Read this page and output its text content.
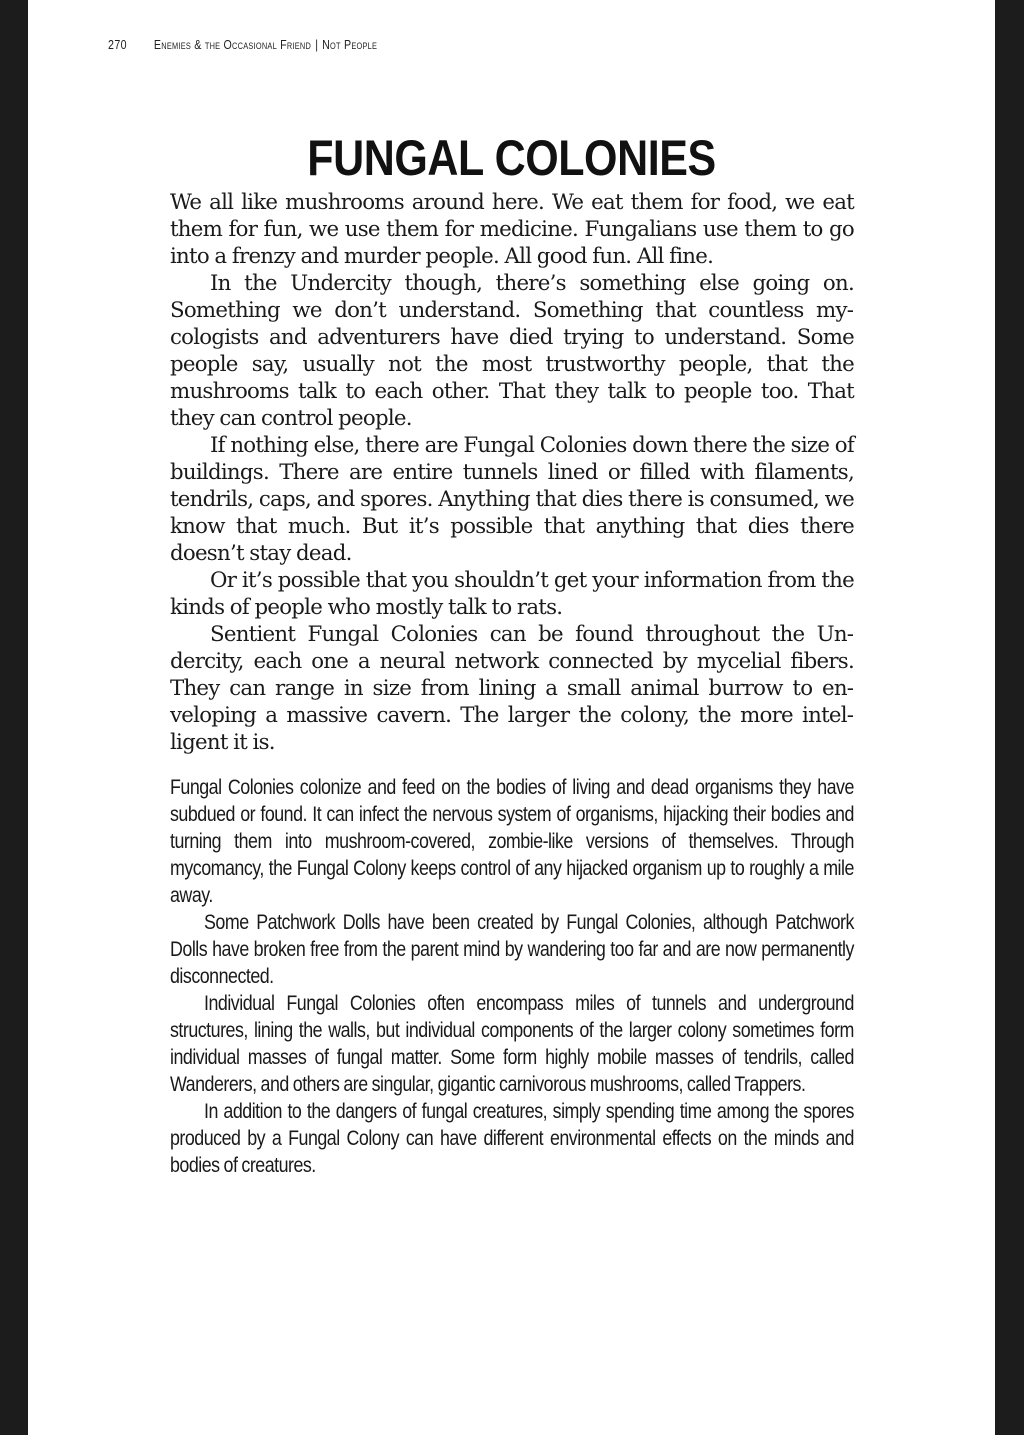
270 Enemies & the Occasional Friend | Not People
FUNGAL COLONIES

We all like mushrooms around here. We eat them for food, we eat them for fun, we use them for medicine. Fungalians use them to go into a frenzy and murder people. All good fun. All fine.

In the Undercity though, there’s something else going on. Something we don’t understand. Something that countless mycologists and adventurers have died trying to understand. Some people say, usually not the most trustworthy people, that the mushrooms talk to each other. That they talk to people too. That they can control people.

If nothing else, there are Fungal Colonies down there the size of buildings. There are entire tunnels lined or filled with filaments, tendrils, caps, and spores. Anything that dies there is consumed, we know that much. But it’s possible that anything that dies there doesn’t stay dead.

Or it’s possible that you shouldn’t get your information from the kinds of people who mostly talk to rats.

Sentient Fungal Colonies can be found throughout the Undercity, each one a neural network connected by mycelial fibers. They can range in size from lining a small animal burrow to enveloping a massive cavern. The larger the colony, the more intelligent it is.

Fungal Colonies colonize and feed on the bodies of living and dead organisms they have subdued or found. It can infect the nervous system of organisms, hijacking their bodies and turning them into mushroom-covered, zombie-like versions of themselves. Through mycomancy, the Fungal Colony keeps control of any hijacked organism up to roughly a mile away.

Some Patchwork Dolls have been created by Fungal Colonies, although Patchwork Dolls have broken free from the parent mind by wandering too far and are now permanently disconnected.

Individual Fungal Colonies often encompass miles of tunnels and underground structures, lining the walls, but individual components of the larger colony sometimes form individual masses of fungal matter. Some form highly mobile masses of tendrils, called Wanderers, and others are singular, gigantic carnivorous mushrooms, called Trappers.

In addition to the dangers of fungal creatures, simply spending time among the spores produced by a Fungal Colony can have different environmental effects on the minds and bodies of creatures.
